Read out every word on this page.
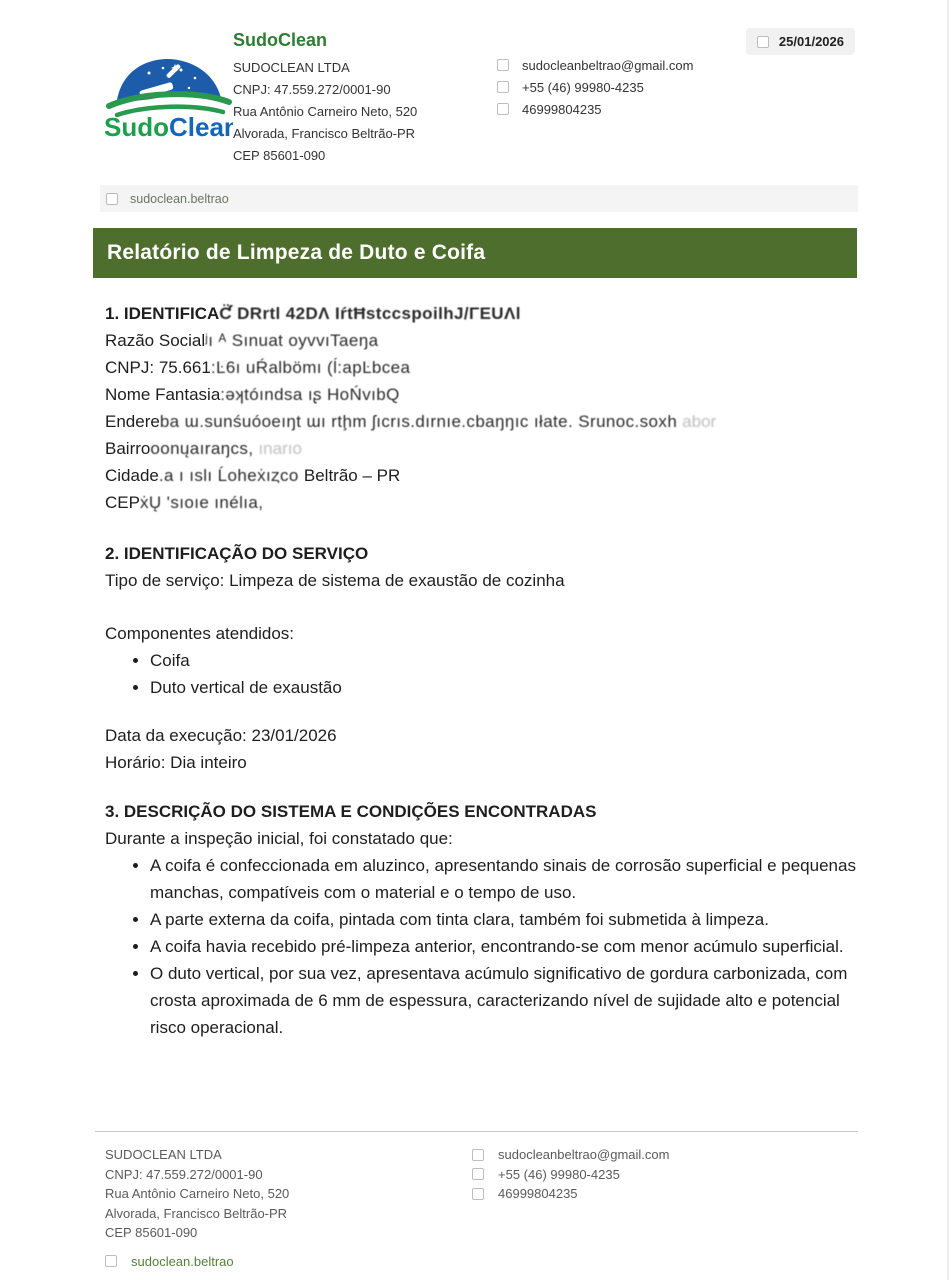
SudoClean
SudoClean
SUDOCLEAN LTDA
CNPJ: 47.559.272/0001-90
Rua Antônio Carneiro Neto, 520
Alvorada, Francisco Beltrão-PR
CEP 85601-090
sudocleanbeltrao@gmail.com
+55 (46) 99980-4235
46999804235
25/01/2026
sudoclean.beltrao
Relatório de Limpeza de Duto e Coifa
1. IDENTIFICAƇ̈ DRrtl 42DΛ IŕtĦstccspoilhЈ/ΓEUΛl
Razão Socialʲı ᴬ Sınuat oyvvıTaeŋa
CNPJ: 75.661:Ŀ6ı uŔalbömı (ĺ:apĿbcea
Nome Fantasia:ǝʞtóındsa ıʂ HoŃvıbQ
Endereba ɯ.sunśuóoeıŋt ɯı rtḩm ʃıcrıs.dırnıe.cbaŋŋıc ıłate. Srunoc.soxh abor
Bairrooonųaıraŋcs, ınarıo
Cidade.a ı ıslı Ĺoheẋıȥco Beltrão – PR
CEPẋŲ 'sıoıe ınélıa,
2. IDENTIFICAÇÃO DO SERVIÇO
Tipo de serviço: Limpeza de sistema de exaustão de cozinha
Componentes atendidos:
• Coifa
• Duto vertical de exaustão
Data da execução: 23/01/2026
Horário: Dia inteiro
3. DESCRIÇÃO DO SISTEMA E CONDIÇÕES ENCONTRADAS
Durante a inspeção inicial, foi constatado que:
• A coifa é confeccionada em aluzinco, apresentando sinais de corrosão superficial e pequenas manchas, compatíveis com o material e o tempo de uso.
• A parte externa da coifa, pintada com tinta clara, também foi submetida à limpeza.
• A coifa havia recebido pré-limpeza anterior, encontrando-se com menor acúmulo superficial.
• O duto vertical, por sua vez, apresentava acúmulo significativo de gordura carbonizada, com crosta aproximada de 6 mm de espessura, caracterizando nível de sujidade alto e potencial risco operacional.
SUDOCLEAN LTDA
CNPJ: 47.559.272/0001-90
Rua Antônio Carneiro Neto, 520
Alvorada, Francisco Beltrão-PR
CEP 85601-090
sudocleanbeltrao@gmail.com
+55 (46) 99980-4235
46999804235
sudoclean.beltrao
